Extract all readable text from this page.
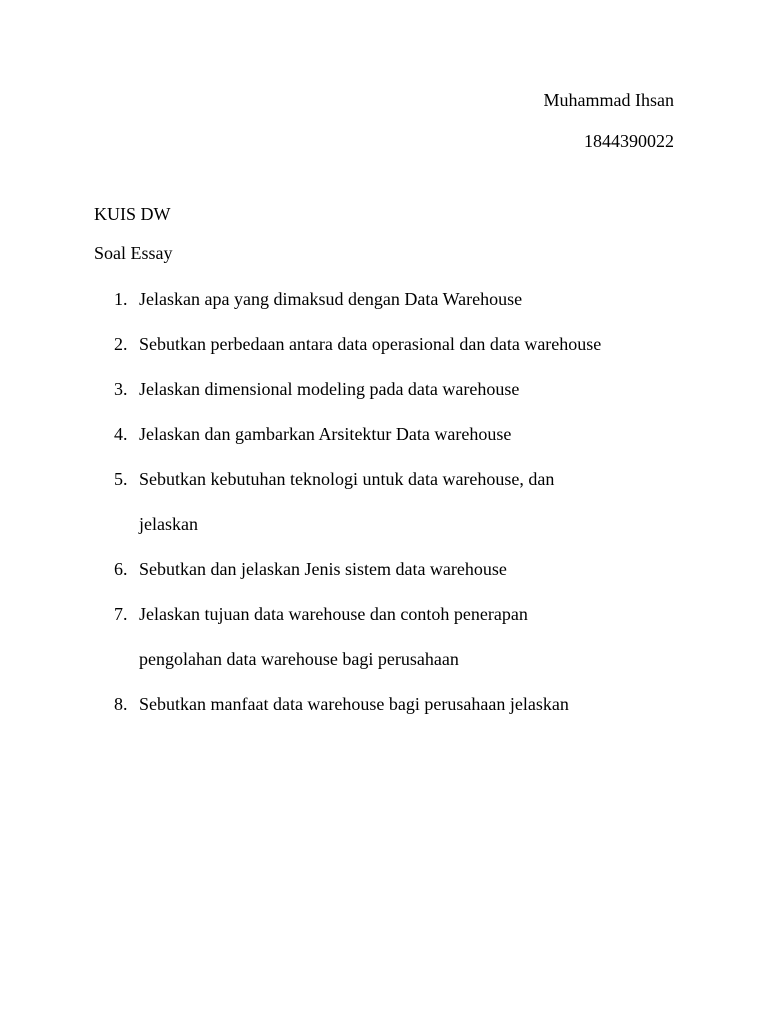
Muhammad Ihsan
1844390022
KUIS DW
Soal Essay
1. Jelaskan apa yang dimaksud dengan Data Warehouse
2. Sebutkan perbedaan antara data operasional dan data warehouse
3. Jelaskan dimensional modeling pada data warehouse
4. Jelaskan dan gambarkan Arsitektur Data warehouse
5. Sebutkan kebutuhan teknologi untuk data warehouse, dan
jelaskan
6. Sebutkan dan jelaskan Jenis sistem data warehouse
7. Jelaskan tujuan data warehouse dan contoh penerapan
pengolahan data warehouse bagi perusahaan
8. Sebutkan manfaat data warehouse bagi perusahaan jelaskan
